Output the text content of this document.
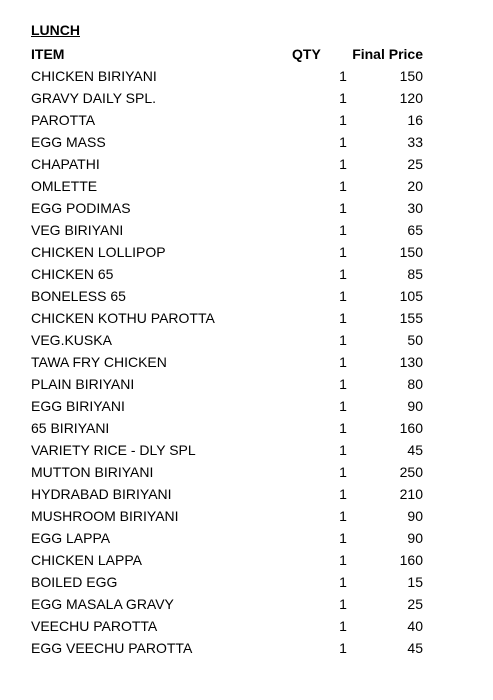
LUNCH
ITEM	QTY	Final Price
CHICKEN BIRIYANI	1	150
GRAVY DAILY SPL.	1	120
PAROTTA	1	16
EGG MASS	1	33
CHAPATHI	1	25
OMLETTE	1	20
EGG PODIMAS	1	30
VEG BIRIYANI	1	65
CHICKEN LOLLIPOP	1	150
CHICKEN 65	1	85
BONELESS 65	1	105
CHICKEN KOTHU PAROTTA	1	155
VEG.KUSKA	1	50
TAWA FRY CHICKEN	1	130
PLAIN BIRIYANI	1	80
EGG BIRIYANI	1	90
65 BIRIYANI	1	160
VARIETY RICE - DLY SPL	1	45
MUTTON BIRIYANI	1	250
HYDRABAD BIRIYANI	1	210
MUSHROOM BIRIYANI	1	90
EGG LAPPA	1	90
CHICKEN LAPPA	1	160
BOILED EGG	1	15
EGG MASALA GRAVY	1	25
VEECHU PAROTTA	1	40
EGG VEECHU PAROTTA	1	45
